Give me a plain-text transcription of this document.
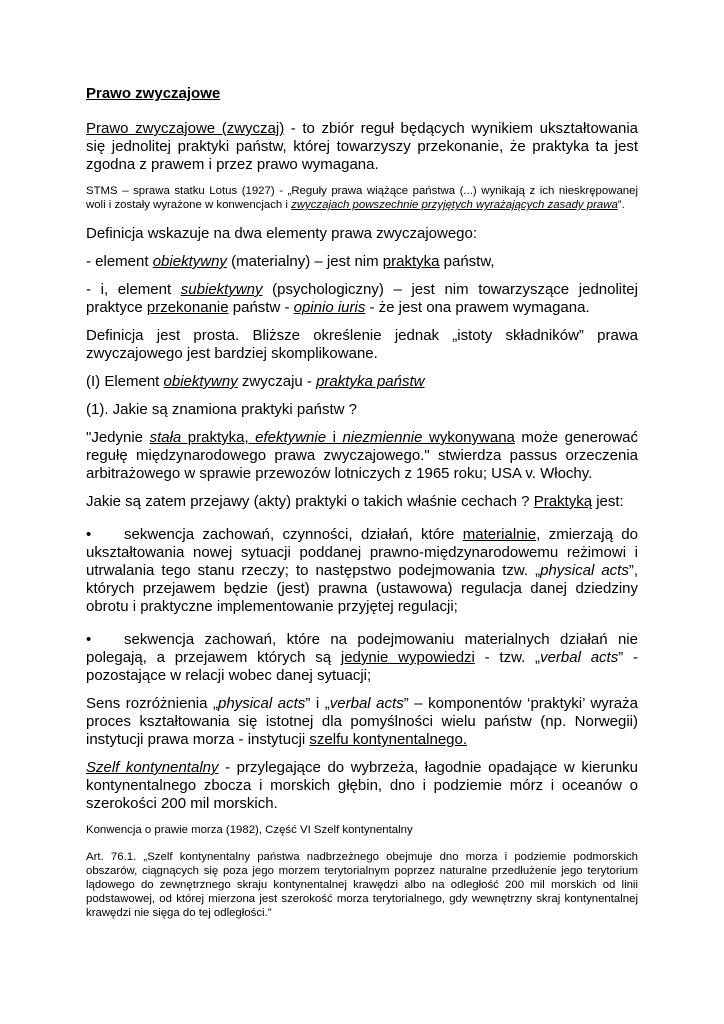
Prawo zwyczajowe
Prawo zwyczajowe (zwyczaj) - to zbiór reguł będących wynikiem ukształtowania się jednolitej praktyki państw, której towarzyszy przekonanie, że praktyka ta jest zgodna z prawem i przez prawo wymagana.
STMS – sprawa statku Lotus (1927) - „Reguły prawa wiążące państwa (...) wynikają z ich nieskrępowanej woli i zostały wyrażone w konwencjach i zwyczajach powszechnie przyjętych wyrażających zasady prawa”.
Definicja wskazuje na dwa elementy prawa zwyczajowego:
- element obiektywny (materialny) – jest nim praktyka państw,
- i, element subiektywny (psychologiczny) – jest nim towarzyszące jednolitej praktyce przekonanie państw - opinio iuris - że jest ona prawem wymagana.
Definicja jest prosta. Bliższe określenie jednak „istoty składników” prawa zwyczajowego jest bardziej skomplikowane.
(I) Element obiektywny zwyczaju - praktyka państw
(1). Jakie są znamiona praktyki państw ?
"Jedynie stała praktyka, efektywnie i niezmiennie wykonywana może generować regułę międzynarodowego prawa zwyczajowego." stwierdza passus orzeczenia arbitrażowego w sprawie przewozów lotniczych z 1965 roku; USA v. Włochy.
Jakie są zatem przejawy (akty) praktyki o takich właśnie cechach ? Praktyką jest:
• sekwencja zachowań, czynności, działań, które materialnie, zmierzają do ukształtowania nowej sytuacji poddanej prawno-międzynarodowemu reżimowi i utrwalania tego stanu rzeczy; to następstwo podejmowania tzw. „physical acts”, których przejawem będzie (jest) prawna (ustawowa) regulacja danej dziedziny obrotu i praktyczne implementowanie przyjętej regulacji;
• sekwencja zachowań, które na podejmowaniu materialnych działań nie polegają, a przejawem których są jedynie wypowiedzi - tzw. „verbal acts” - pozostające w relacji wobec danej sytuacji;
Sens rozróżnienia „physical acts” i „verbal acts” – komponentów ‘praktyki’ wyraża proces kształtowania się istotnej dla pomyślności wielu państw (np. Norwegii) instytucji prawa morza - instytucji szelfu kontynentalnego.
Szelf kontynentalny - przylegające do wybrzeża, łagodnie opadające w kierunku kontynentalnego zbocza i morskich głębin, dno i podziemie mórz i oceanów o szerokości 200 mil morskich.
Konwencja o prawie morza (1982), Część VI Szelf kontynentalny
Art. 76.1. „Szelf kontynentalny państwa nadbrzeżnego obejmuje dno morza i podziemie podmorskich obszarów, ciągnących się poza jego morzem terytorialnym poprzez naturalne przedłużenie jego terytorium lądowego do zewnętrznego skraju kontynentalnej krawędzi albo na odległość 200 mil morskich od linii podstawowej, od której mierzona jest szerokość morza terytorialnego, gdy wewnętrzny skraj kontynentalnej krawędzi nie sięga do tej odległości.”
